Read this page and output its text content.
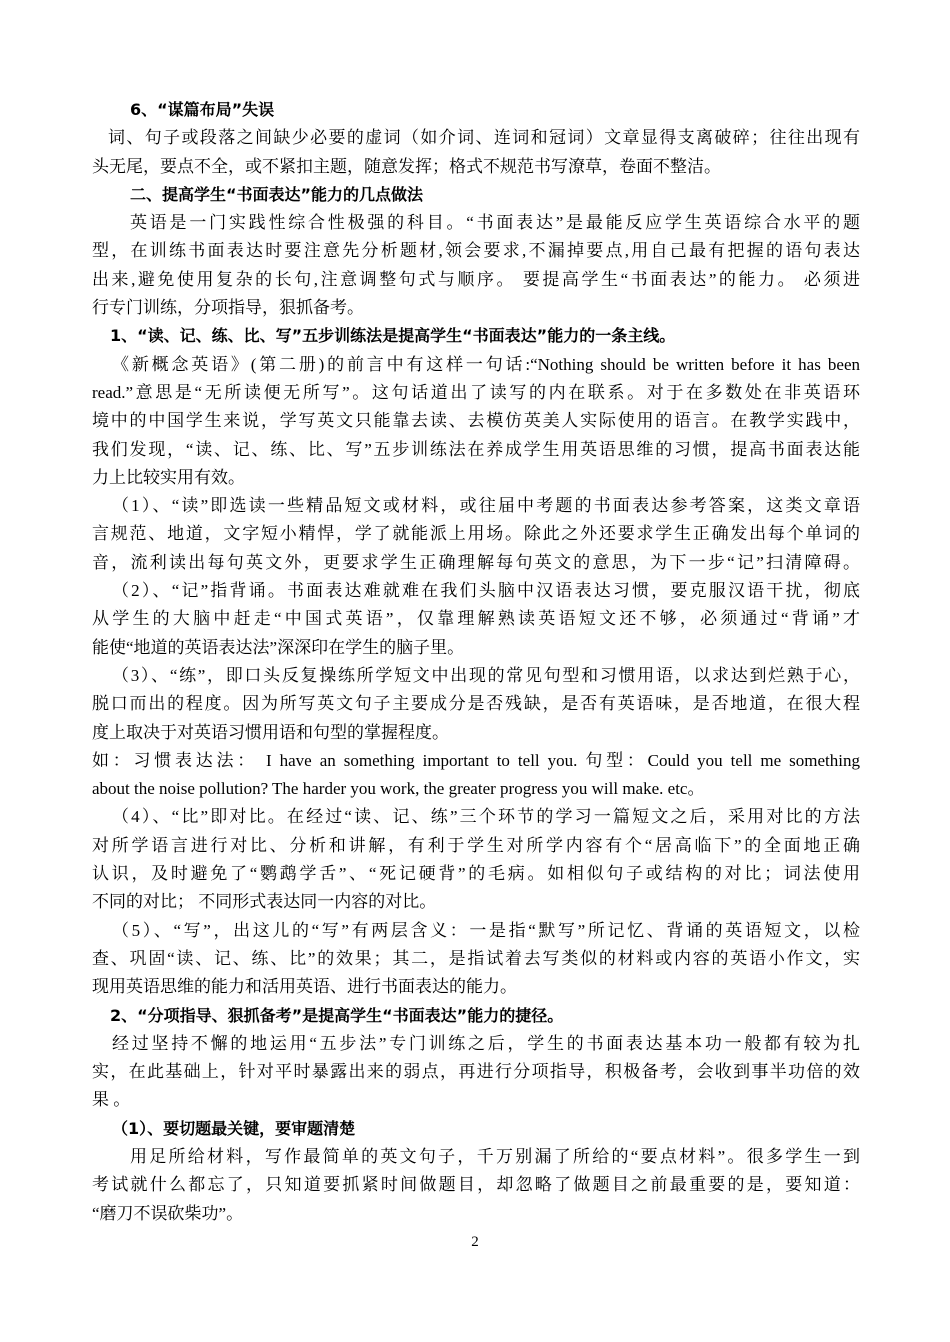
6、“谋篇布局”失误
词、句子或段落之间缺少必要的虚词（如介词、连词和冠词）文章显得支离破碎；往往出现有
头无尾，要点不全，或不紧扣主题，随意发挥；格式不规范书写潦草，卷面不整洁。
二、提高学生“书面表达”能力的几点做法
英语是一门实践性综合性极强的科目。“书面表达”是最能反应学生英语综合水平的题
型，在训练书面表达时要注意先分析题材,领会要求,不漏掉要点,用自己最有把握的语句表达
出来,避免使用复杂的长句,注意调整句式与顺序。 要提高学生“书面表达”的能力。 必须进
行专门训练，分项指导，狠抓备考。
1、“读、记、练、比、写”五步训练法是提高学生“书面表达”能力的一条主线。
《新概念英语》(第二册)的前言中有这样一句话:“Nothing should be written before it has been
read.”意思是“无所读便无所写”。这句话道出了读写的内在联系。对于在多数处在非英语环
境中的中国学生来说，学写英文只能靠去读、去模仿英美人实际使用的语言。在教学实践中，
我们发现，“读、记、练、比、写”五步训练法在养成学生用英语思维的习惯，提高书面表达能
力上比较实用有效。
（1）、“读”即选读一些精品短文或材料，或往届中考题的书面表达参考答案，这类文章语
言规范、地道，文字短小精悍，学了就能派上用场。除此之外还要求学生正确发出每个单词的
音，流利读出每句英文外，更要求学生正确理解每句英文的意思，为下一步“记”扫清障碍。
（2）、“记”指背诵。书面表达难就难在我们头脑中汉语表达习惯，要克服汉语干扰，彻底
从学生的大脑中赶走“中国式英语”，仅靠理解熟读英语短文还不够，必须通过“背诵”才
能使“地道的英语表达法”深深印在学生的脑子里。
（3）、“练”，即口头反复操练所学短文中出现的常见句型和习惯用语，以求达到烂熟于心，
脱口而出的程度。因为所写英文句子主要成分是否残缺，是否有英语味，是否地道，在很大程
度上取决于对英语习惯用语和句型的掌握程度。
如：习惯表达法： I have an something important to tell you. 句型：Could you tell me something
about the noise pollution? The harder you work, the greater progress you will make. etc。
（4）、“比”即对比。在经过“读、记、练”三个环节的学习一篇短文之后，采用对比的方法
对所学语言进行对比、分析和讲解，有利于学生对所学内容有个“居高临下”的全面地正确
认识，及时避免了“鹦鹉学舌”、“死记硬背”的毛病。如相似句子或结构的对比；词法使用
不同的对比； 不同形式表达同一内容的对比。
（5）、“写”，出这儿的“写”有两层含义：一是指“默写”所记忆、背诵的英语短文，以检
查、巩固“读、记、练、比”的效果；其二，是指试着去写类似的材料或内容的英语小作文，实
现用英语思维的能力和活用英语、进行书面表达的能力。
2、“分项指导、狠抓备考”是提高学生“书面表达”能力的捷径。
经过坚持不懈的地运用“五步法”专门训练之后，学生的书面表达基本功一般都有较为扎
实，在此基础上，针对平时暴露出来的弱点，再进行分项指导，积极备考，会收到事半功倍的效
果 。
（1）、要切题最关键，要审题清楚
用足所给材料，写作最简单的英文句子，千万别漏了所给的“要点材料”。很多学生一到
考试就什么都忘了，只知道要抓紧时间做题目，却忽略了做题目之前最重要的是，要知道：
“磨刀不误砍柴功”。
2
